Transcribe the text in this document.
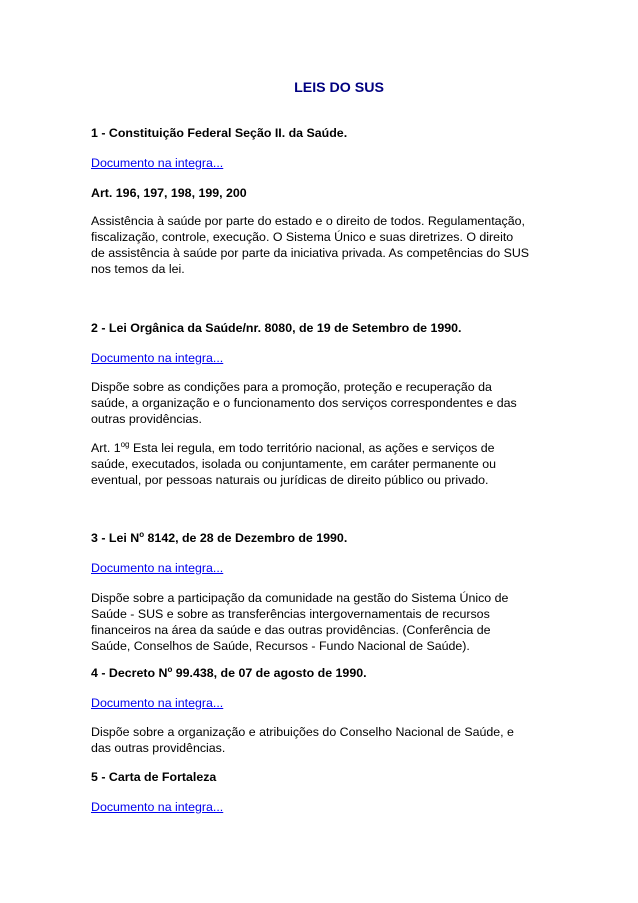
LEIS DO SUS

1 - Constituição Federal Seção II. da Saúde.

Documento na integra...

Art. 196, 197, 198, 199, 200

Assistência à saúde por parte do estado e o direito de todos. Regulamentação,

fiscalização, controle, execução. O Sistema Único e suas diretrizes. O direito

de assistência à saúde por parte da iniciativa privada. As competências do SUS

nos temos da lei.

2 - Lei Orgânica da Saúde/nr. 8080, de 19 de Setembro de 1990.

Documento na integra...

Dispõe sobre as condições para a promoção, proteção e recuperação da

saúde, a organização e o funcionamento dos serviços correspondentes e das

outras providências.

Art. $1^{og}$ Esta lei regula, em todo território nacional, as ações e serviços de

saúde, executados, isolada ou conjuntamente, em caráter permanente ou

eventual, por pessoas naturais ou jurídicas de direito público ou privado.

3 - Lei $N^o$ 8142, de 28 de Dezembro de 1990.

Documento na integra...

Dispõe sobre a participação da comunidade na gestão do Sistema Único de

Saúde - SUS e sobre as transferências intergovernamentais de recursos

financeiros na área da saúde e das outras providências. (Conferência de

Saúde, Conselhos de Saúde, Recursos - Fundo Nacional de Saúde).

4 - Decreto $N^o$ 99.438, de 07 de agosto de 1990.

Documento na integra...

Dispõe sobre a organização e atribuições do Conselho Nacional de Saúde, e

das outras providências.

5 - Carta de Fortaleza

Documento na integra...
